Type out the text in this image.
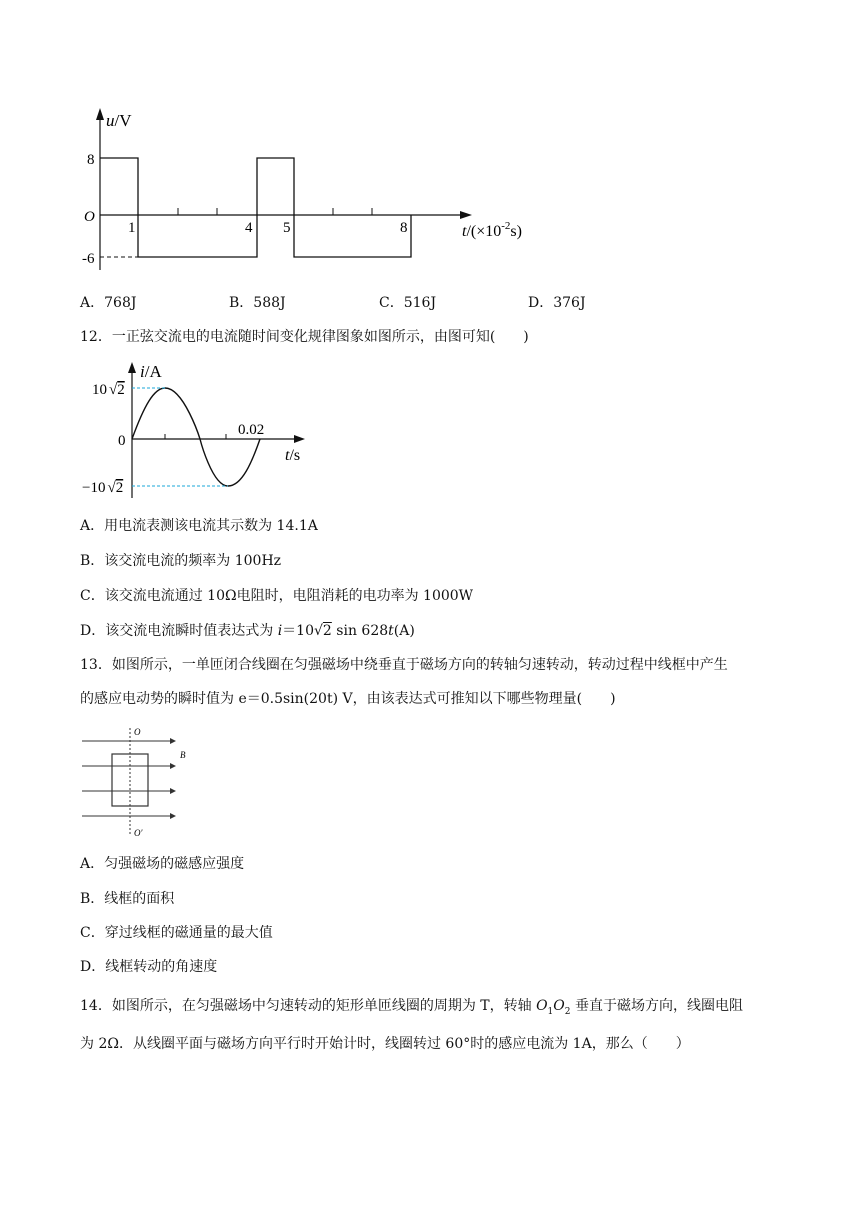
u/V
8
O
-6
1	4 5	8	$t/(\times 10^{-2}s)$
A．768J	B．588J	C．516J	D．376J
12．一正弦交流电的电流随时间变化规律图象如图所示，由图可知(　　)
i/A
10 √2
0
−10 √2
0.02
t/s
A．用电流表测该电流其示数为 14.1A
B．该交流电流的频率为 100Hz
C．该交流电流通过 10Ω电阻时，电阻消耗的电功率为 1000W
D．该交流电流瞬时值表达式为 i＝10√2 sin 628t(A)
13．如图所示，一单匝闭合线圈在匀强磁场中绕垂直于磁场方向的转轴匀速转动，转动过程中线框中产生
的感应电动势的瞬时值为 e＝0.5sin(20t) V，由该表达式可推知以下哪些物理量(　　)
O
O′
B
A．匀强磁场的磁感应强度
B．线框的面积
C．穿过线框的磁通量的最大值
D．线框转动的角速度
14．如图所示，在匀强磁场中匀速转动的矩形单匝线圈的周期为 T，转轴 $O_1O_2$ 垂直于磁场方向，线圈电阻
为 2Ω．从线圈平面与磁场方向平行时开始计时，线圈转过 60°时的感应电流为 1A，那么（　　）
